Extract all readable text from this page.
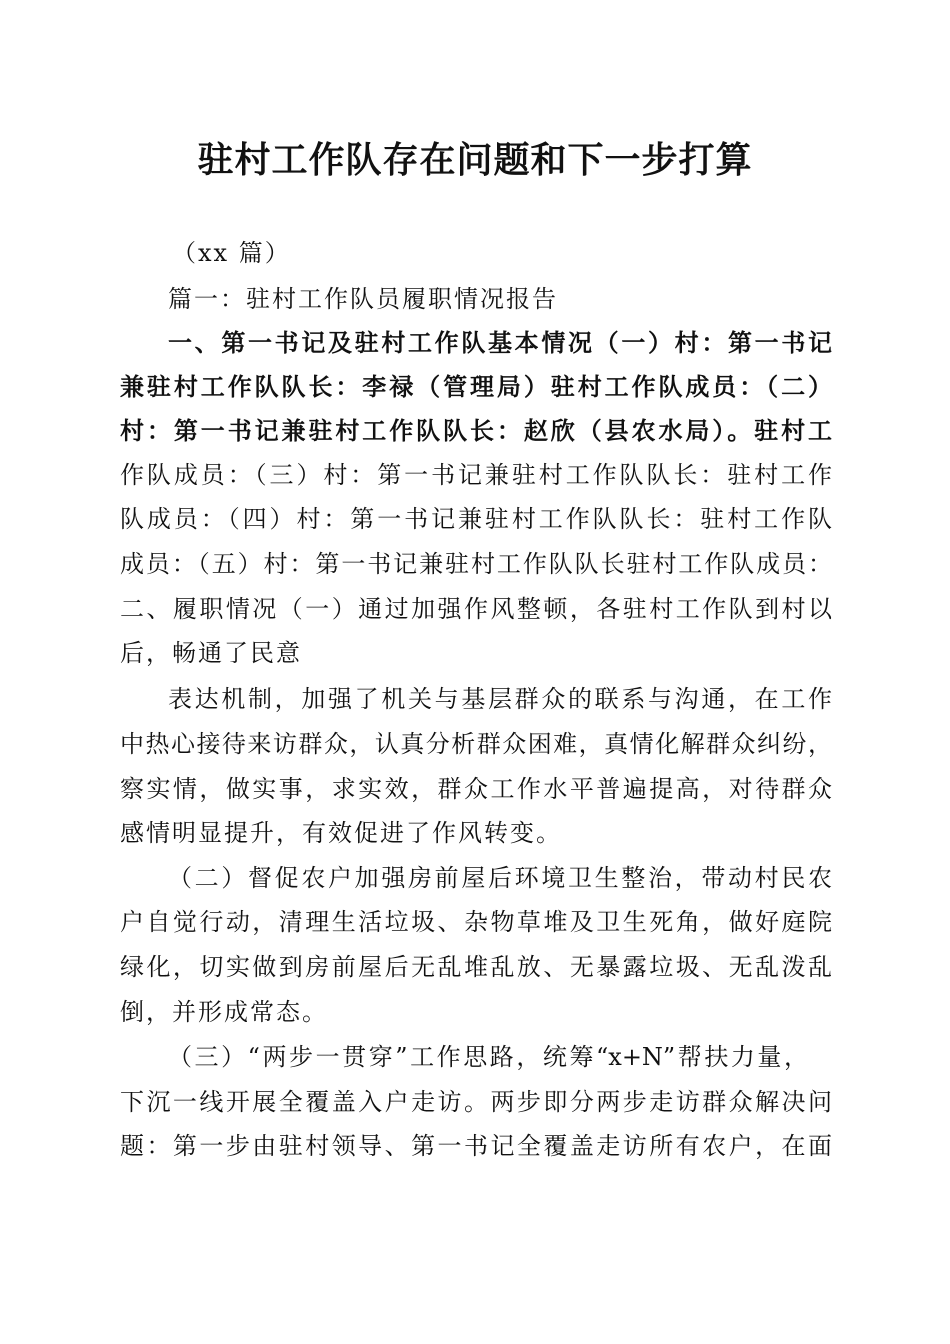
驻村工作队存在问题和下一步打算
（xx 篇）
篇一：驻村工作队员履职情况报告
一、第一书记及驻村工作队基本情况（一）村：第一书记
兼驻村工作队队长：李禄（管理局）驻村工作队成员：（二）
村：第一书记兼驻村工作队队长：赵欣（县农水局）。驻村工
作队成员：（三）村：第一书记兼驻村工作队队长：驻村工作
队成员：（四）村：第一书记兼驻村工作队队长：驻村工作队
成员：（五）村：第一书记兼驻村工作队队长驻村工作队成员：
二、履职情况（一）通过加强作风整顿，各驻村工作队到村以
后，畅通了民意
表达机制，加强了机关与基层群众的联系与沟通，在工作
中热心接待来访群众，认真分析群众困难，真情化解群众纠纷，
察实情，做实事，求实效，群众工作水平普遍提高，对待群众
感情明显提升，有效促进了作风转变。
（二）督促农户加强房前屋后环境卫生整治，带动村民农
户自觉行动，清理生活垃圾、杂物草堆及卫生死角，做好庭院
绿化，切实做到房前屋后无乱堆乱放、无暴露垃圾、无乱泼乱
倒，并形成常态。
（三）“两步一贯穿”工作思路，统筹“x+N”帮扶力量，
下沉一线开展全覆盖入户走访。两步即分两步走访群众解决问
题：第一步由驻村领导、第一书记全覆盖走访所有农户，在面
